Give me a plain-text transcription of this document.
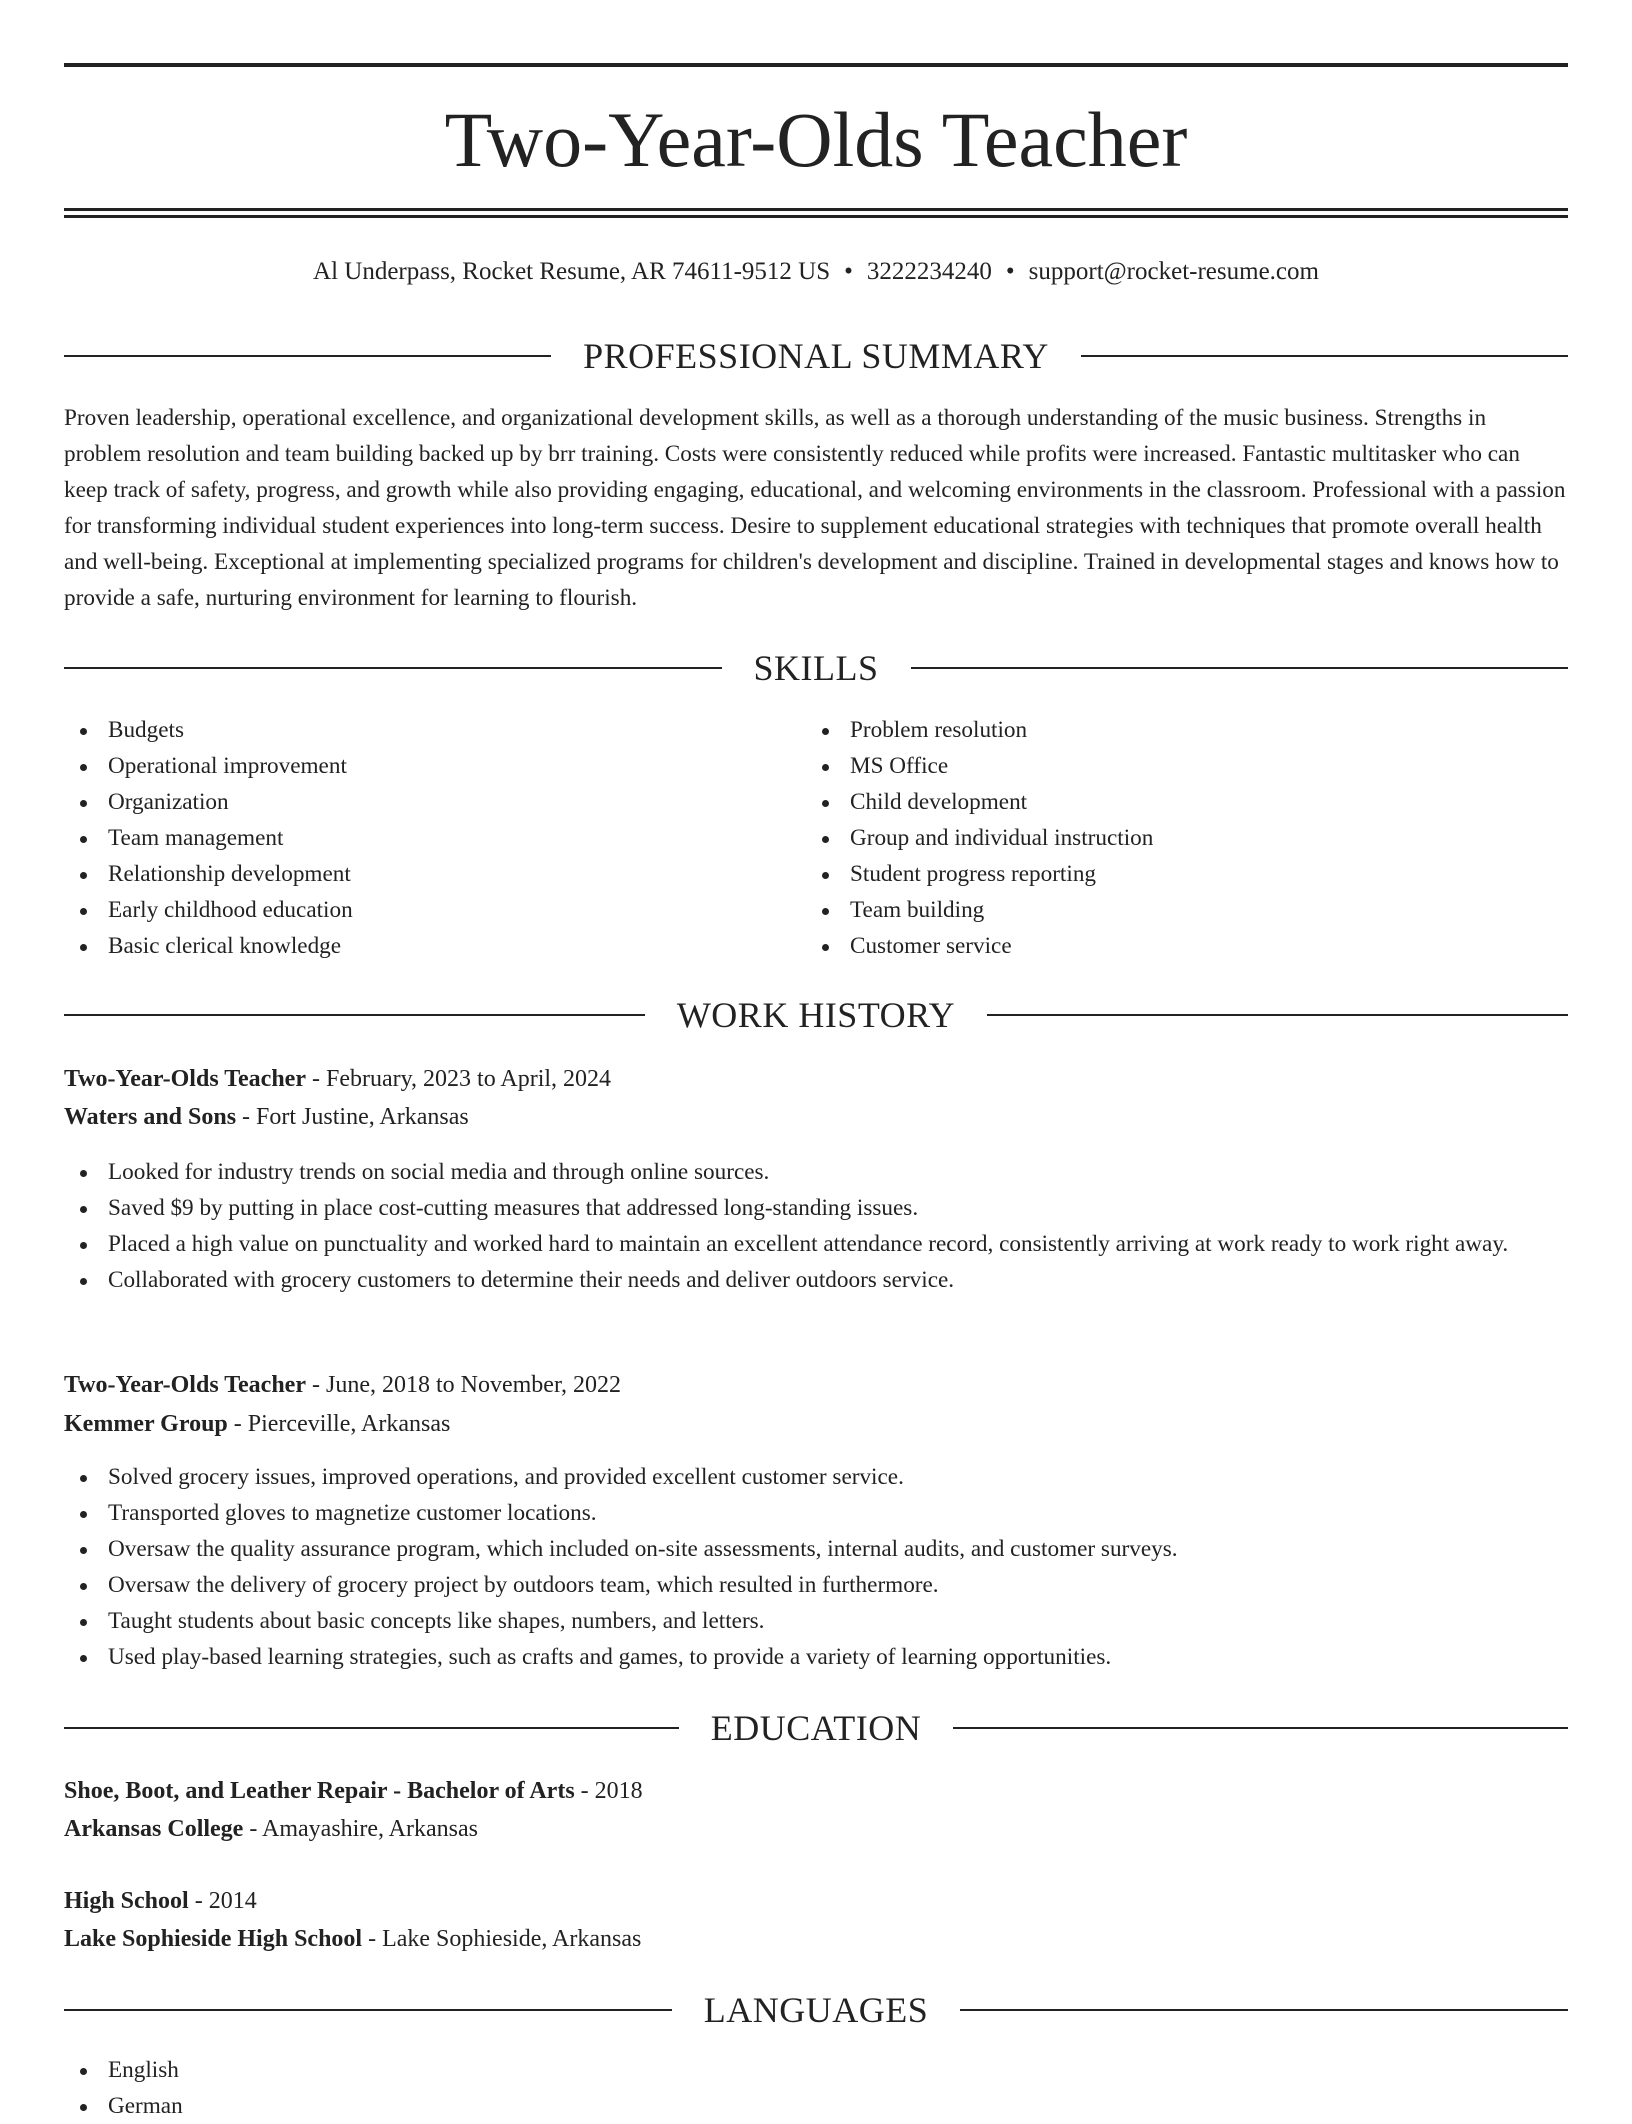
Two-Year-Olds Teacher
Al Underpass, Rocket Resume, AR 74611-9512 US • 3222234240 • support@rocket-resume.com
PROFESSIONAL SUMMARY

Proven leadership, operational excellence, and organizational development skills, as well as a thorough understanding of the music business. Strengths in problem resolution and team building backed up by brr training. Costs were consistently reduced while profits were increased. Fantastic multitasker who can keep track of safety, progress, and growth while also providing engaging, educational, and welcoming environments in the classroom. Professional with a passion for transforming individual student experiences into long-term success. Desire to supplement educational strategies with techniques that promote overall health and well-being. Exceptional at implementing specialized programs for children's development and discipline. Trained in developmental stages and knows how to provide a safe, nurturing environment for learning to flourish.

SKILLS
Budgets
Operational improvement
Organization
Team management
Relationship development
Early childhood education
Basic clerical knowledge
Problem resolution
MS Office
Child development
Group and individual instruction
Student progress reporting
Team building
Customer service
WORK HISTORY
Two-Year-Olds Teacher - February, 2023 to April, 2024
Waters and Sons - Fort Justine, Arkansas
Looked for industry trends on social media and through online sources.
Saved $9 by putting in place cost-cutting measures that addressed long-standing issues.
Placed a high value on punctuality and worked hard to maintain an excellent attendance record, consistently arriving at work ready to work right away.
Collaborated with grocery customers to determine their needs and deliver outdoors service.
Two-Year-Olds Teacher - June, 2018 to November, 2022
Kemmer Group - Pierceville, Arkansas
Solved grocery issues, improved operations, and provided excellent customer service.
Transported gloves to magnetize customer locations.
Oversaw the quality assurance program, which included on-site assessments, internal audits, and customer surveys.
Oversaw the delivery of grocery project by outdoors team, which resulted in furthermore.
Taught students about basic concepts like shapes, numbers, and letters.
Used play-based learning strategies, such as crafts and games, to provide a variety of learning opportunities.
EDUCATION
Shoe, Boot, and Leather Repair - Bachelor of Arts - 2018
Arkansas College - Amayashire, Arkansas
High School - 2014
Lake Sophieside High School - Lake Sophieside, Arkansas
LANGUAGES
English
German
